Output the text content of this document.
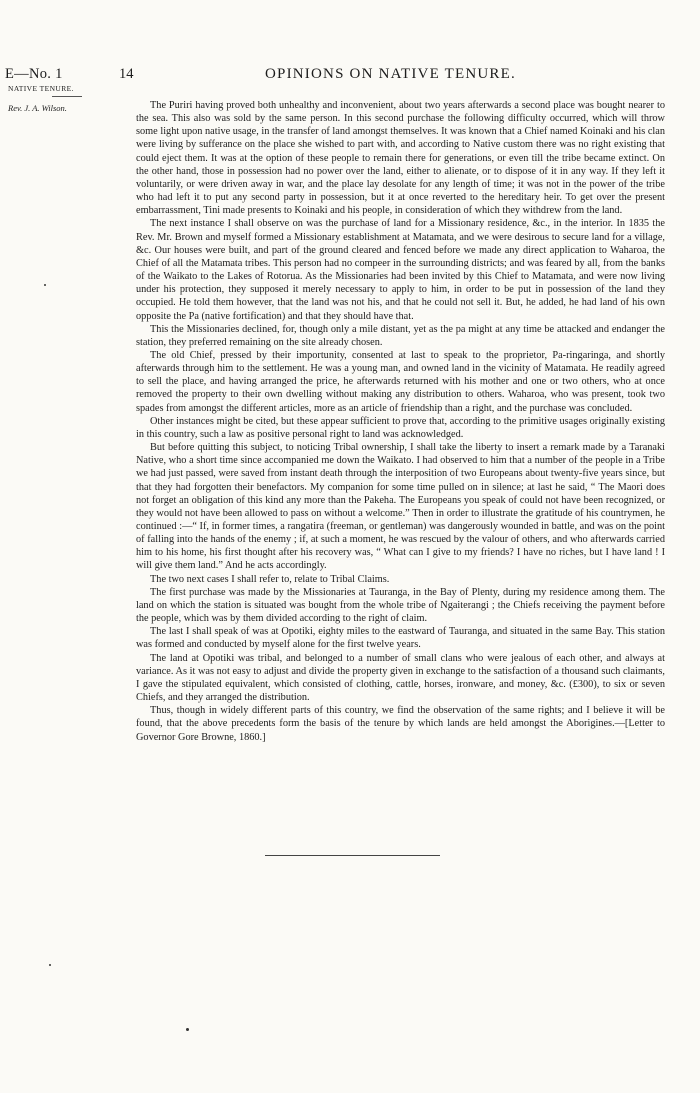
E—No. 1	14	OPINIONS ON NATIVE TENURE.
NATIVE TENURE.
Rev. J. A. Wilson.	The Puriri having proved both unhealthy and inconvenient, about two years afterwards a second place was bought nearer to the sea. This also was sold by the same person. In this second purchase the following difficulty occurred, which will throw some light upon native usage, in the transfer of land amongst themselves. It was known that a Chief named Koinaki and his clan were living by sufferance on the place she wished to part with, and according to Native custom there was no right existing that could eject them. It was at the option of these people to remain there for generations, or even till the tribe became extinct. On the other hand, those in possession had no power over the land, either to alienate, or to dispose of it in any way. If they left it voluntarily, or were driven away in war, and the place lay desolate for any length of time; it was not in the power of the tribe who had left it to put any second party in possession, but it at once reverted to the hereditary heir. To get over the present embarrassment, Tini made presents to Koinaki and his people, in consideration of which they withdrew from the land.

The next instance I shall observe on was the purchase of land for a Missionary residence, &c., in the interior. In 1835 the Rev. Mr. Brown and myself formed a Missionary establishment at Matamata, and we were desirous to secure land for a village, &c. Our houses were built, and part of the ground cleared and fenced before we made any direct application to Waharoa, the Chief of all the Matamata tribes. This person had no compeer in the surrounding districts; and was feared by all, from the banks of the Waikato to the Lakes of Rotorua. As the Missionaries had been invited by this Chief to Matamata, and were now living under his protection, they supposed it merely necessary to apply to him, in order to be put in possession of the land they occupied. He told them however, that the land was not his, and that he could not sell it. But, he added, he had land of his own opposite the Pa (native fortification) and that they should have that.

This the Missionaries declined, for, though only a mile distant, yet as the pa might at any time be attacked and endanger the station, they preferred remaining on the site already chosen.

The old Chief, pressed by their importunity, consented at last to speak to the proprietor, Pa-ringaringa, and shortly afterwards through him to the settlement. He was a young man, and owned land in the vicinity of Matamata. He readily agreed to sell the place, and having arranged the price, he afterwards returned with his mother and one or two others, who at once removed the property to their own dwelling without making any distribution to others. Waharoa, who was present, took two spades from amongst the different articles, more as an article of friendship than a right, and the purchase was concluded.

Other instances might be cited, but these appear sufficient to prove that, according to the primitive usages originally existing in this country, such a law as positive personal right to land was acknowledged.

But before quitting this subject, to noticing Tribal ownership, I shall take the liberty to insert a remark made by a Taranaki Native, who a short time since accompanied me down the Waikato. I had observed to him that a number of the people in a Tribe we had just passed, were saved from instant death through the interposition of two Europeans about twenty-five years since, but that they had forgotten their benefactors. My companion for some time pulled on in silence; at last he said, “ The Maori does not forget an obligation of this kind any more than the Pakeha. The Europeans you speak of could not have been recognized, or they would not have been allowed to pass on without a welcome.” Then in order to illustrate the gratitude of his countrymen, he continued :—“ If, in former times, a rangatira (freeman, or gentleman) was dangerously wounded in battle, and was on the point of falling into the hands of the enemy ; if, at such a moment, he was rescued by the valour of others, and who afterwards carried him to his home, his first thought after his recovery was, “ What can I give to my friends? I have no riches, but I have land ! I will give them land.” And he acts accordingly.

The two next cases I shall refer to, relate to Tribal Claims.

The first purchase was made by the Missionaries at Tauranga, in the Bay of Plenty, during my residence among them. The land on which the station is situated was bought from the whole tribe of Ngaiterangi ; the Chiefs receiving the payment before the people, which was by them divided according to the right of claim.

The last I shall speak of was at Opotiki, eighty miles to the eastward of Tauranga, and situated in the same Bay. This station was formed and conducted by myself alone for the first twelve years.

The land at Opotiki was tribal, and belonged to a number of small clans who were jealous of each other, and always at variance. As it was not easy to adjust and divide the property given in exchange to the satisfaction of a thousand such claimants, I gave the stipulated equivalent, which consisted of clothing, cattle, horses, ironware, and money, &c. (£300), to six or seven Chiefs, and they arranged the distribution.

Thus, though in widely different parts of this country, we find the observation of the same rights; and I believe it will be found, that the above precedents form the basis of the tenure by which lands are held amongst the Aborigines.—[Letter to Governor Gore Browne, 1860.]
